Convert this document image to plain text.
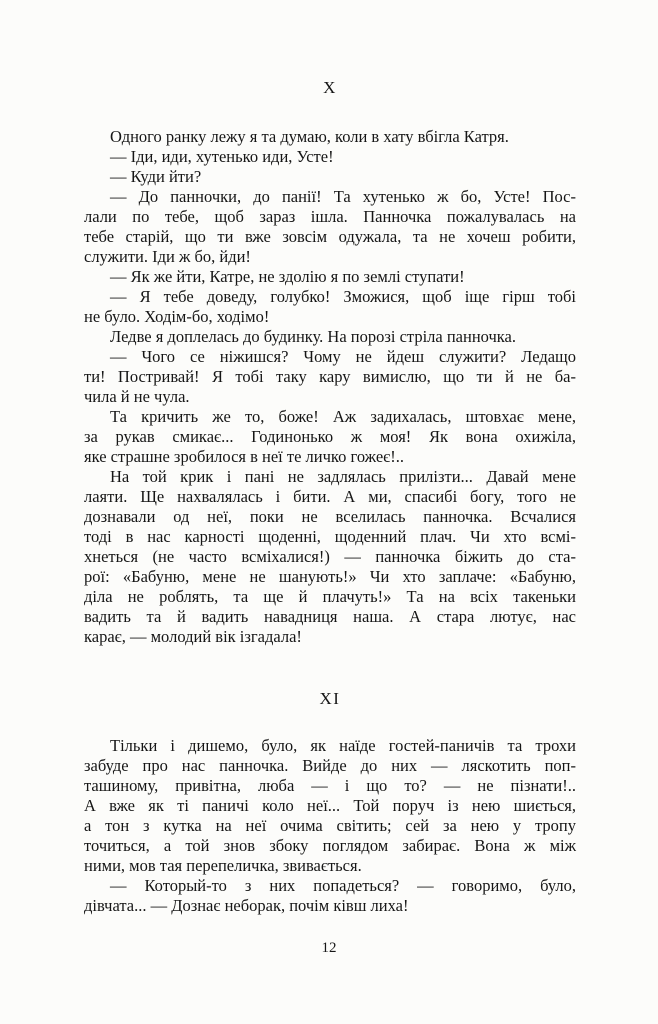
X
Одного ранку лежу я та думаю, коли в хату вбігла Катря.
— Іди, иди, хутенько иди, Усте!
— Куди йти?
— До панночки, до панії! Та хутенько ж бо, Усте! Пос-
лали по тебе, щоб зараз ішла. Панночка пожалувалась на
тебе старій, що ти вже зовсім одужала, та не хочеш робити,
служити. Іди ж бо, йди!
— Як же йти, Катре, не здолію я по землі ступати!
— Я тебе доведу, голубко! Зможися, щоб іще гірш тобі
не було. Ходім-бо, ходімо!
Ледве я доплелась до будинку. На порозі стріла панночка.
— Чого се ніжишся? Чому не йдеш служити? Ледащо
ти! Постривай! Я тобі таку кару вимислю, що ти й не ба-
чила й не чула.
Та кричить же то, боже! Аж задихалась, штовхає мене,
за рукав смикає... Годинонько ж моя! Як вона охижіла,
яке страшне зробилося в неї те личко гожеє!..
На той крик і пані не задлялась прилізти... Давай мене
лаяти. Ще нахвалялась і бити. А ми, спасибі богу, того не
дознавали од неї, поки не вселилась панночка. Всчалися
тоді в нас карності щоденні, щоденний плач. Чи хто всмі-
хнеться (не часто всміхалися!) — панночка біжить до ста-
рої: «Бабуню, мене не шанують!» Чи хто заплаче: «Бабуню,
діла не роблять, та ще й плачуть!» Та на всіх такеньки
вадить та й вадить навадниця наша. А стара лютує, нас
карає, — молодий вік ізгадала!
XI
Тільки і дишемо, було, як наїде гостей-паничів та трохи
забуде про нас панночка. Вийде до них — ляскотить поп-
ташиному, привітна, люба — і що то? — не пізнати!..
А вже як ті паничі коло неї... Той поруч із нею шиється,
а тон з кутка на неї очима світить; сей за нею у тропу
точиться, а той знов збоку поглядом забирає. Вона ж між
ними, мов тая перепеличка, звивається.
— Который-то з них попадеться? — говоримо, було,
дівчата... — Дознає неборак, почім ківш лиха!
12
